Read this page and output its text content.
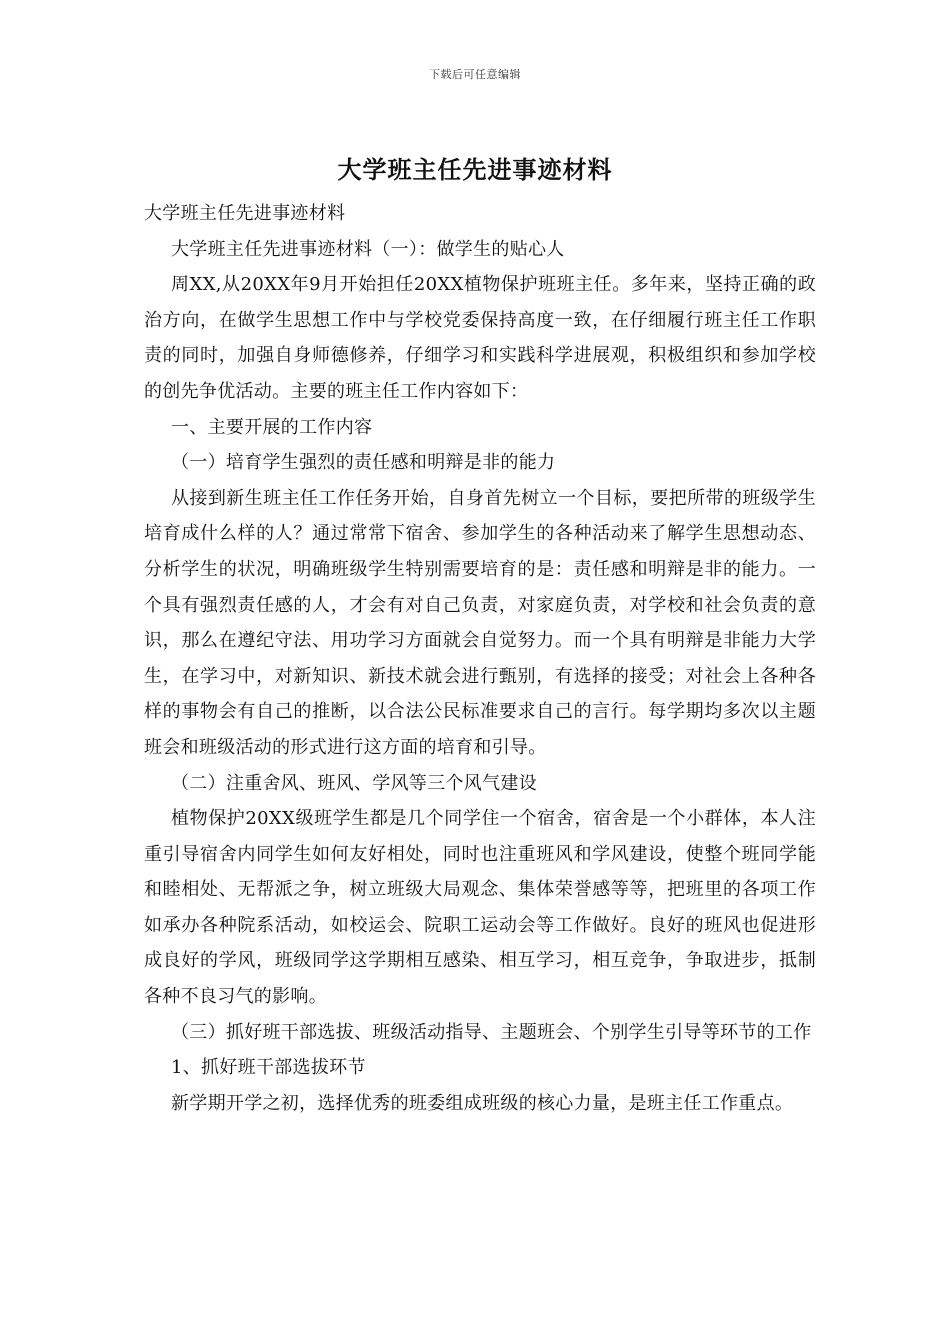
下载后可任意编辑
大学班主任先进事迹材料

大学班主任先进事迹材料

大学班主任先进事迹材料（一）：做学生的贴心人

周XX,从20XX年9月开始担任20XX植物保护班班主任。多年来，坚持正确的政治方向，在做学生思想工作中与学校党委保持高度一致，在仔细履行班主任工作职责的同时，加强自身师德修养，仔细学习和实践科学进展观，积极组织和参加学校的创先争优活动。主要的班主任工作内容如下：

一、主要开展的工作内容

（一）培育学生强烈的责任感和明辩是非的能力

从接到新生班主任工作任务开始，自身首先树立一个目标，要把所带的班级学生培育成什么样的人？通过常常下宿舍、参加学生的各种活动来了解学生思想动态、分析学生的状况，明确班级学生特别需要培育的是：责任感和明辩是非的能力。一个具有强烈责任感的人，才会有对自己负责，对家庭负责，对学校和社会负责的意识，那么在遵纪守法、用功学习方面就会自觉努力。而一个具有明辩是非能力大学生，在学习中，对新知识、新技术就会进行甄别，有选择的接受；对社会上各种各样的事物会有自己的推断，以合法公民标准要求自己的言行。每学期均多次以主题班会和班级活动的形式进行这方面的培育和引导。

（二）注重舍风、班风、学风等三个风气建设

植物保护20XX级班学生都是几个同学住一个宿舍，宿舍是一个小群体，本人注重引导宿舍内同学生如何友好相处，同时也注重班风和学风建设，使整个班同学能和睦相处、无帮派之争，树立班级大局观念、集体荣誉感等等，把班里的各项工作如承办各种院系活动，如校运会、院职工运动会等工作做好。良好的班风也促进形成良好的学风，班级同学这学期相互感染、相互学习，相互竞争，争取进步，抵制各种不良习气的影响。

（三）抓好班干部选拔、班级活动指导、主题班会、个别学生引导等环节的工作

1、抓好班干部选拔环节

新学期开学之初，选择优秀的班委组成班级的核心力量，是班主任工作重点。
